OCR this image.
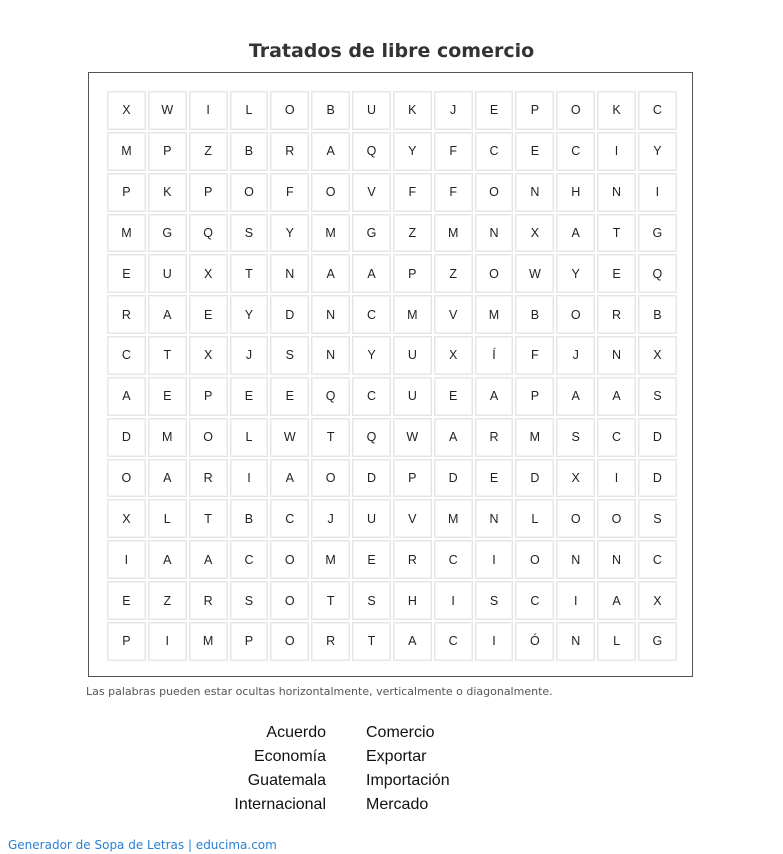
Tratados de libre comercio
X	W	I	L	O	B	U	K	J	E	P	O	K	C
M	P	Z	B	R	A	Q	Y	F	C	E	C	I	Y
P	K	P	O	F	O	V	F	F	O	N	H	N	I
M	G	Q	S	Y	M	G	Z	M	N	X	A	T	G
E	U	X	T	N	A	A	P	Z	O	W	Y	E	Q
R	A	E	Y	D	N	C	M	V	M	B	O	R	B
C	T	X	J	S	N	Y	U	X	Í	F	J	N	X
A	E	P	E	E	Q	C	U	E	A	P	A	A	S
D	M	O	L	W	T	Q	W	A	R	M	S	C	D
O	A	R	I	A	O	D	P	D	E	D	X	I	D
X	L	T	B	C	J	U	V	M	N	L	O	O	S
I	A	A	C	O	M	E	R	C	I	O	N	N	C
E	Z	R	S	O	T	S	H	I	S	C	I	A	X
P	I	M	P	O	R	T	A	C	I	Ó	N	L	G

Las palabras pueden estar ocultas horizontalmente, verticalmente o diagonalmente.

Acuerdo
Economía
Guatemala
Internacional
Comercio
Exportar
Importación
Mercado
Generador de Sopa de Letras | educima.com
